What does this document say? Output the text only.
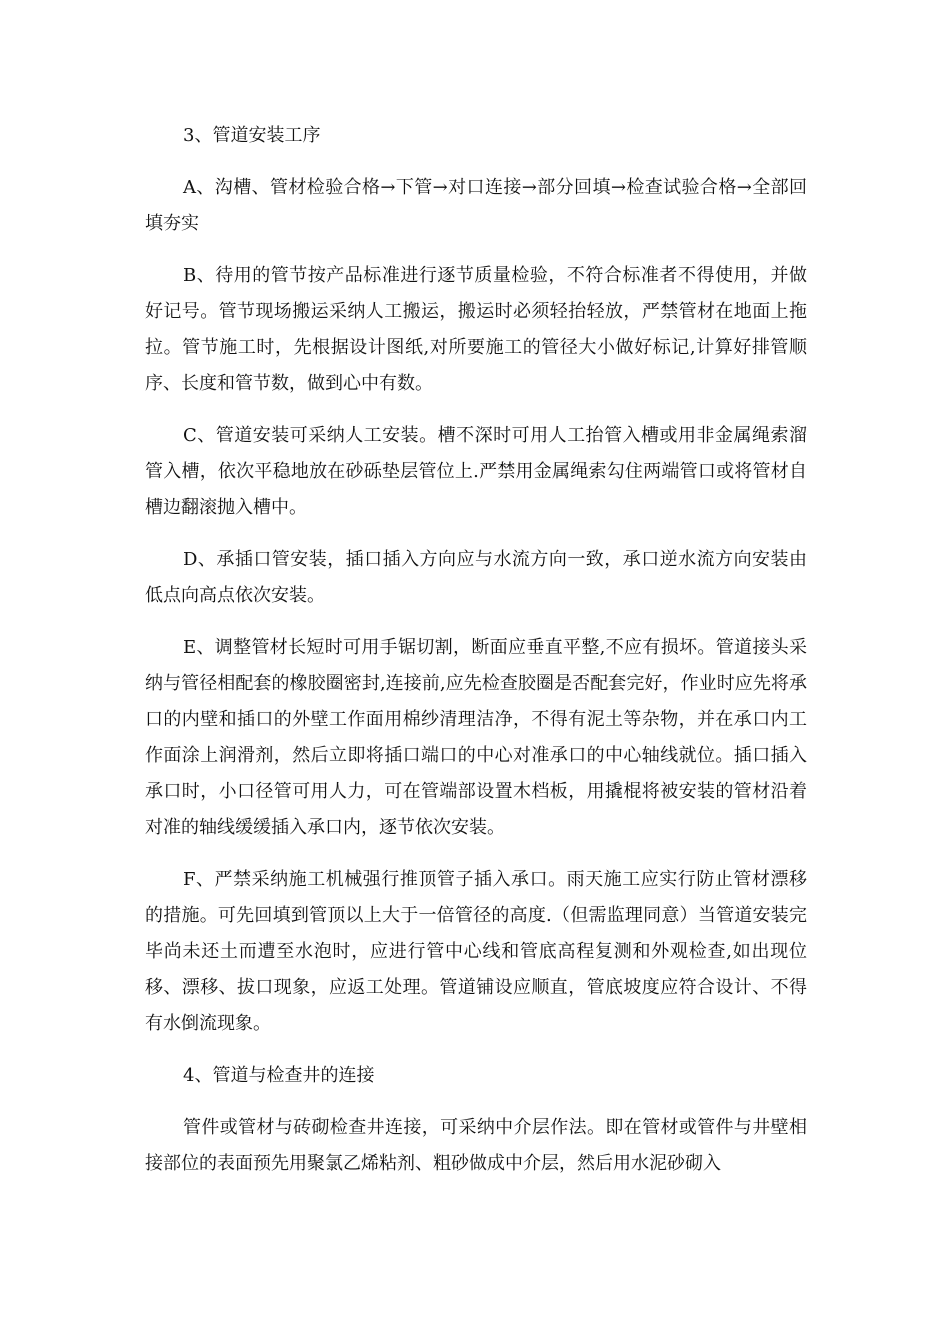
3、管道安装工序

A、沟槽、管材检验合格→下管→对口连接→部分回填→检查试验合格→全部回填夯实

B、待用的管节按产品标准进行逐节质量检验，不符合标准者不得使用，并做好记号。管节现场搬运采纳人工搬运，搬运时必须轻抬轻放，严禁管材在地面上拖拉。管节施工时，先根据设计图纸,对所要施工的管径大小做好标记,计算好排管顺序、长度和管节数，做到心中有数。

C、管道安装可采纳人工安装。槽不深时可用人工抬管入槽或用非金属绳索溜管入槽，依次平稳地放在砂砾垫层管位上.严禁用金属绳索勾住两端管口或将管材自槽边翻滚抛入槽中。

D、承插口管安装，插口插入方向应与水流方向一致，承口逆水流方向安装由低点向高点依次安装。

E、调整管材长短时可用手锯切割，断面应垂直平整,不应有损坏。管道接头采纳与管径相配套的橡胶圈密封,连接前,应先检查胶圈是否配套完好，作业时应先将承口的内壁和插口的外壁工作面用棉纱清理洁净，不得有泥土等杂物，并在承口内工作面涂上润滑剂，然后立即将插口端口的中心对准承口的中心轴线就位。插口插入承口时，小口径管可用人力，可在管端部设置木档板，用撬棍将被安装的管材沿着对准的轴线缓缓插入承口内，逐节依次安装。

F、严禁采纳施工机械强行推顶管子插入承口。雨天施工应实行防止管材漂移的措施。可先回填到管顶以上大于一倍管径的高度.（但需监理同意）当管道安装完毕尚未还土而遭至水泡时，应进行管中心线和管底高程复测和外观检查,如出现位移、漂移、拔口现象，应返工处理。管道铺设应顺直，管底坡度应符合设计、不得有水倒流现象。

4、管道与检查井的连接

管件或管材与砖砌检查井连接，可采纳中介层作法。即在管材或管件与井壁相接部位的表面预先用聚氯乙烯粘剂、粗砂做成中介层，然后用水泥砂砌入
